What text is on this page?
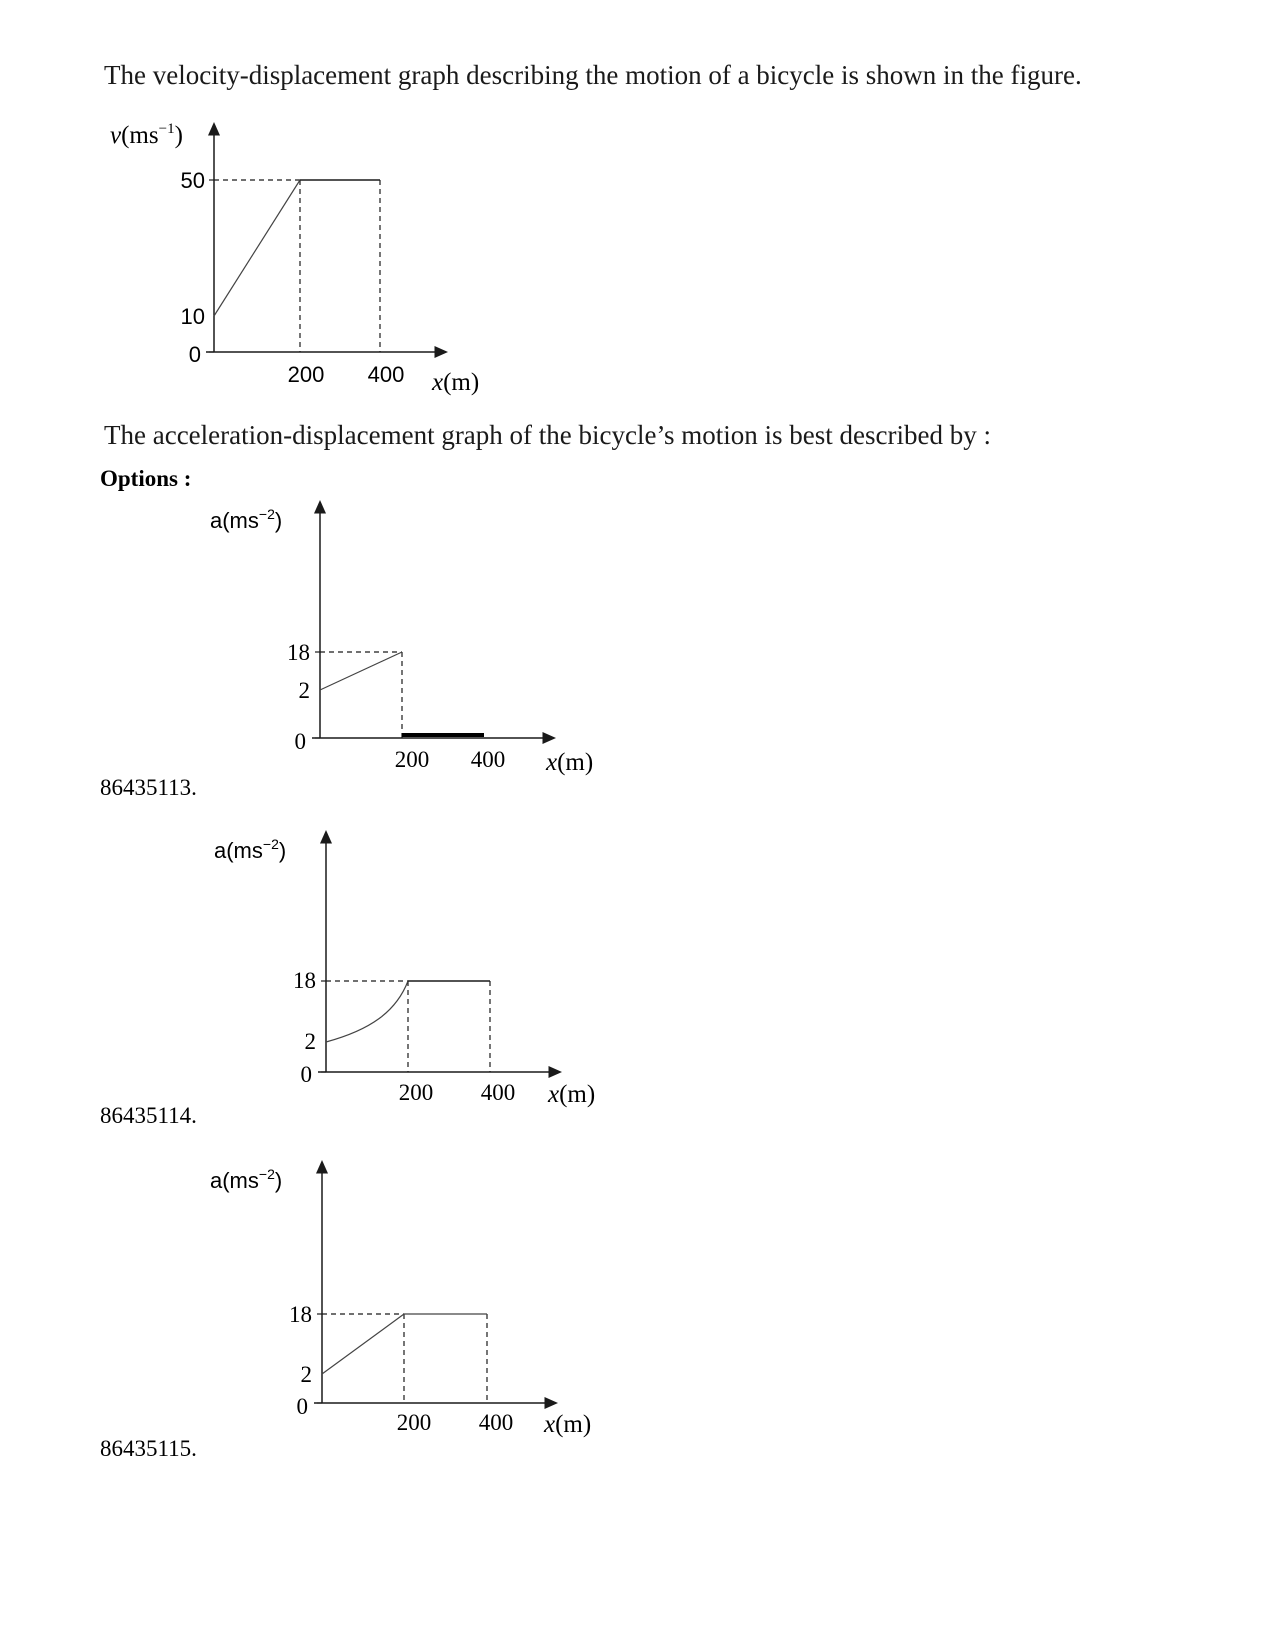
The velocity-displacement graph describing the motion of a bicycle is shown in the figure.
$v(ms^{-1})$
50
10
0
200 400 x(m)
The acceleration-displacement graph of the bicycle’s motion is best described by :
Options :
$a(ms^{-2})$
18
2
0
200 400 x(m)
86435113.
$a(ms^{-2})$
18
2
0
200 400 x(m)
86435114.
$a(ms^{-2})$
18
2
0
200 400 x(m)
86435115.
